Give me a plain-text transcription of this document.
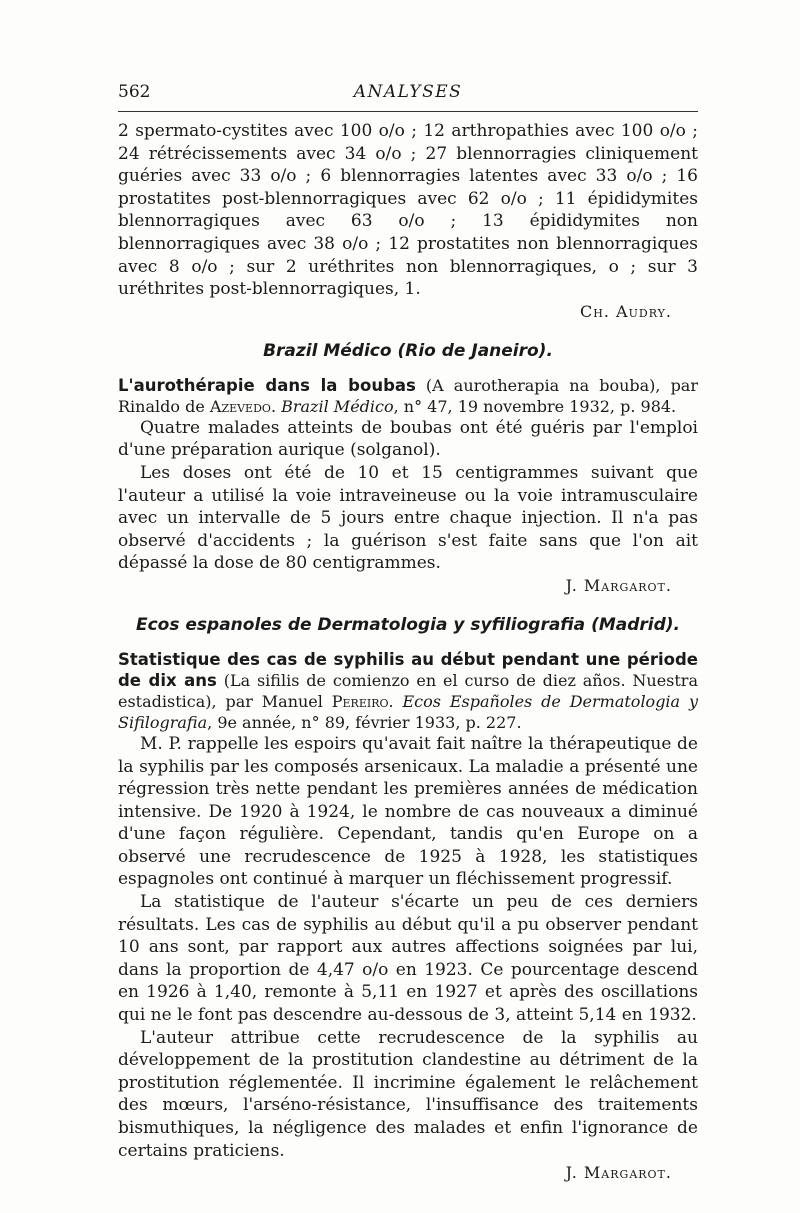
562	ANALYSES

2 spermato-cystites avec 100 o/o ; 12 arthropathies avec 100 o/o ; 24 rétrécissements avec 34 o/o ; 27 blennorragies cliniquement guéries avec 33 o/o ; 6 blennorragies latentes avec 33 o/o ; 16 prostatites post-blennorragiques avec 62 o/o ; 11 épididymites blennorragiques avec 63 o/o ; 13 épididymites non blennorragiques avec 38 o/o ; 12 prostatites non blennorragiques avec 8 o/o ; sur 2 uréthrites non blennorragiques, o ; sur 3 uréthrites post-blennorragiques, 1.

Ch. Audry.

Brazil Médico (Rio de Janeiro).

L'aurothérapie dans la boubas (A aurotherapia na bouba), par Rinaldo de Azevedo. Brazil Médico, n° 47, 19 novembre 1932, p. 984.

Quatre malades atteints de boubas ont été guéris par l'emploi d'une préparation aurique (solganol).

Les doses ont été de 10 et 15 centigrammes suivant que l'auteur a utilisé la voie intraveineuse ou la voie intramusculaire avec un intervalle de 5 jours entre chaque injection. Il n'a pas observé d'accidents ; la guérison s'est faite sans que l'on ait dépassé la dose de 80 centigrammes.

J. Margarot.

Ecos espanoles de Dermatologia y syfiliografia (Madrid).

Statistique des cas de syphilis au début pendant une période de dix ans (La sifilis de comienzo en el curso de diez años. Nuestra estadistica), par Manuel Pereiro. Ecos Españoles de Dermatologia y Sifilografia, 9e année, n° 89, février 1933, p. 227.

M. P. rappelle les espoirs qu'avait fait naître la thérapeutique de la syphilis par les composés arsenicaux. La maladie a présenté une régression très nette pendant les premières années de médication intensive. De 1920 à 1924, le nombre de cas nouveaux a diminué d'une façon régulière. Cependant, tandis qu'en Europe on a observé une recrudescence de 1925 à 1928, les statistiques espagnoles ont continué à marquer un fléchissement progressif.

La statistique de l'auteur s'écarte un peu de ces derniers résultats. Les cas de syphilis au début qu'il a pu observer pendant 10 ans sont, par rapport aux autres affections soignées par lui, dans la proportion de 4,47 o/o en 1923. Ce pourcentage descend en 1926 à 1,40, remonte à 5,11 en 1927 et après des oscillations qui ne le font pas descendre au-dessous de 3, atteint 5,14 en 1932.

L'auteur attribue cette recrudescence de la syphilis au développement de la prostitution clandestine au détriment de la prostitution réglementée. Il incrimine également le relâchement des mœurs, l'arséno-résistance, l'insuffisance des traitements bismuthiques, la négligence des malades et enfin l'ignorance de certains praticiens.

J. Margarot.
